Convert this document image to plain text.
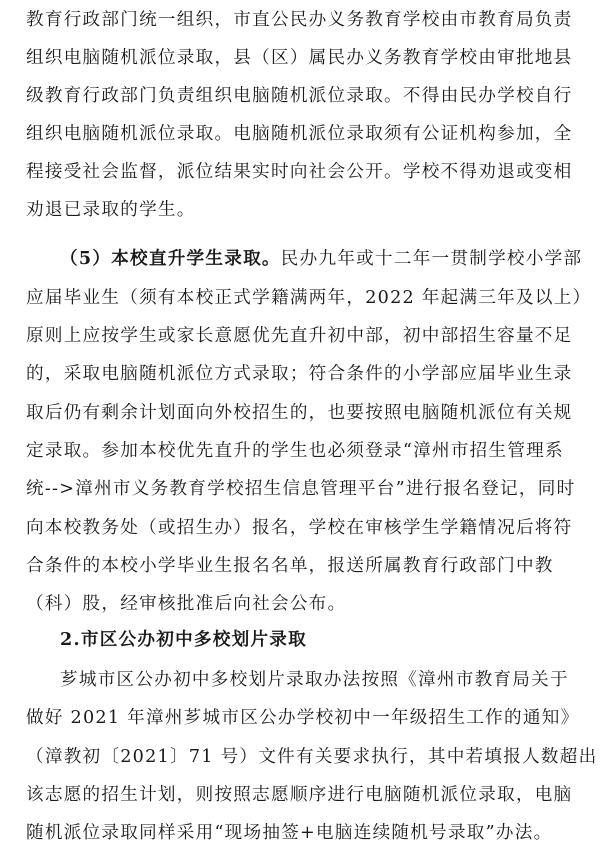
教育行政部门统一组织，市直公民办义务教育学校由市教育局负责
组织电脑随机派位录取，县（区）属民办义务教育学校由审批地县
级教育行政部门负责组织电脑随机派位录取。不得由民办学校自行
组织电脑随机派位录取。电脑随机派位录取须有公证机构参加，全
程接受社会监督，派位结果实时向社会公开。学校不得劝退或变相
劝退已录取的学生。
（5）本校直升学生录取。民办九年或十二年一贯制学校小学部
应届毕业生（须有本校正式学籍满两年，2022 年起满三年及以上）
原则上应按学生或家长意愿优先直升初中部，初中部招生容量不足
的，采取电脑随机派位方式录取；符合条件的小学部应届毕业生录
取后仍有剩余计划面向外校招生的，也要按照电脑随机派位有关规
定录取。参加本校优先直升的学生也必须登录“漳州市招生管理系
统-->漳州市义务教育学校招生信息管理平台”进行报名登记，同时
向本校教务处（或招生办）报名，学校在审核学生学籍情况后将符
合条件的本校小学毕业生报名名单，报送所属教育行政部门中教
（科）股，经审核批准后向社会公布。
2.市区公办初中多校划片录取
芗城市区公办初中多校划片录取办法按照《漳州市教育局关于
做好 2021 年漳州芗城市区公办学校初中一年级招生工作的通知》
（漳教初〔2021〕71 号）文件有关要求执行，其中若填报人数超出
该志愿的招生计划，则按照志愿顺序进行电脑随机派位录取，电脑
随机派位录取同样采用“现场抽签+电脑连续随机号录取”办法。
